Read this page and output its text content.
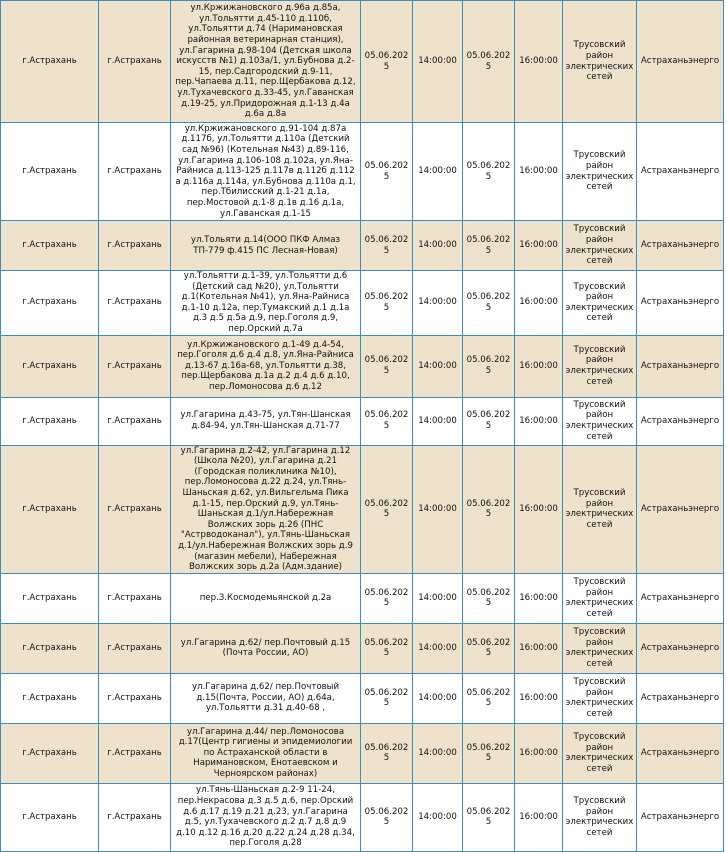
г.Астрахань	г.Астрахань	ул.Кржижановского д.96а д.85а, ул.Тольятти д.45-110 д.110б, ул.Тольятти д.74 (Наримановская районная ветеринарная станция), ул.Гагарина д.98-104 (Детская школа искусств №1) д.103а/1, ул.Бубнова д.2-15, пер.Садгородский д.9-11, пер.Чапаева д.11, пер.Щербакова д.12, ул.Тухачевского д.33-45, ул.Гаванская д.19-25, ул.Придорожная д.1-13 д.4а д.6а д.8а	05.06.2025	14:00:00	05.06.2025	16:00:00	Трусовский район электрических сетей	Астраханьэнерго
г.Астрахань	г.Астрахань	ул.Кржижановского д.91-104 д.87а д.117б, ул.Тольятти д.110а (Детский сад №96) (Котельная №43) д.89-116, ул.Гагарина д.106-108 д.102а, ул.Яна-Райниса д.113-125 д.117в д.112б д.112 а д.116а д.114а, ул.Бубнова д.110а д.1, пер.Тбилисский д.1-21 д.1а, пер.Мостовой д.1-8 д.1в д.16 д.1а, ул.Гаванская д.1-15	05.06.2025	14:00:00	05.06.2025	16:00:00	Трусовский район электрических сетей	Астраханьэнерго
г.Астрахань	г.Астрахань	ул.Тольяти д.14(ООО ПКФ Алмаз ТП-779 ф.415 ПС Лесная-Новая)	05.06.2025	14:00:00	05.06.2025	16:00:00	Трусовский район электрических сетей	Астраханьэнерго
г.Астрахань	г.Астрахань	ул.Тольятти д.1-39, ул.Тольятти д.6 (Детский сад №20), ул.Тольятти д.1(Котельная №41), ул.Яна-Райниса д.1-10 д.12а, пер.Тумакский д.1 д.1а д.3 д.5 д.5а д.9, пер.Гоголя д.9, пер.Орский д.7а	05.06.2025	14:00:00	05.06.2025	16:00:00	Трусовский район электрических сетей	Астраханьэнерго
г.Астрахань	г.Астрахань	ул.Кржижановского д.1-49 д.4-54, пер.Гоголя д.6 д.4 д.8, ул.Яна-Райниса д.13-67 д.16а-68, ул.Тольятти д.38, пер.Щербакова д.1а д.2 д.4 д.6 д.10, пер.Ломоносова д.6 д.12	05.06.2025	14:00:00	05.06.2025	16:00:00	Трусовский район электрических сетей	Астраханьэнерго
г.Астрахань	г.Астрахань	ул.Гагарина д.43-75, ул.Тян-Шанская д.84-94, ул.Тян-Шанская д.71-77	05.06.2025	14:00:00	05.06.2025	16:00:00	Трусовский район электрических сетей	Астраханьэнерго
г.Астрахань	г.Астрахань	ул.Гагарина д.2-42, ул.Гагарина д.12 (Школа №20), ул.Гагарина д.21 (Городская поликлиника №10), пер.Ломоносова д.22 д.24, ул.Тянь-Шаньская д.62, ул.Вильгельма Пика д.1-15, пер.Орский д.9, ул.Тянь-Шаньская д.1/ул.Набережная Волжских зорь д.26 (ПНС "Астрводоканал"), ул.Тянь-Шаньская д.1/ул.Набережная Волжских зорь д.9 (магазин мебели), Набережная Волжских зорь д.2а (Адм.здание)	05.06.2025	14:00:00	05.06.2025	16:00:00	Трусовский район электрических сетей	Астраханьэнерго
г.Астрахань	г.Астрахань	пер.З.Космодемьянской д.2а	05.06.2025	14:00:00	05.06.2025	16:00:00	Трусовский район электрических сетей	Астраханьэнерго
г.Астрахань	г.Астрахань	ул.Гагарина д.62/ пер.Почтовый д.15 (Почта России, АО)	05.06.2025	14:00:00	05.06.2025	16:00:00	Трусовский район электрических сетей	Астраханьэнерго
г.Астрахань	г.Астрахань	ул.Гагарина д.62/ пер.Почтовый д.15(Почта, России, АО) д.64а, ул.Тольятти д.31 д.40-68 ,	05.06.2025	14:00:00	05.06.2025	16:00:00	Трусовский район электрических сетей	Астраханьэнерго
г.Астрахань	г.Астрахань	ул.Гагарина д.44/ пер.Ломоносова д.17(Центр гигиены и эпидемиологии по Астраханской области в Наримановском, Енотаевском и Черноярском районах)	05.06.2025	14:00:00	05.06.2025	16:00:00	Трусовский район электрических сетей	Астраханьэнерго
г.Астрахань	г.Астрахань	ул.Тянь-Шаньская д.2-9 11-24, пер.Некрасова д.3 д.5 д.6, пер.Орский д.6 д.17 д.19 д.21 д.23, ул.Гагарина д.5, ул.Тухачевского д.2 д.7 д.8 д.9 д.10 д.12 д.16 д.20 д.22 д.24 д.28 д.34, пер.Гоголя д.28	05.06.2025	14:00:00	05.06.2025	16:00:00	Трусовский район электрических сетей	Астраханьэнерго
